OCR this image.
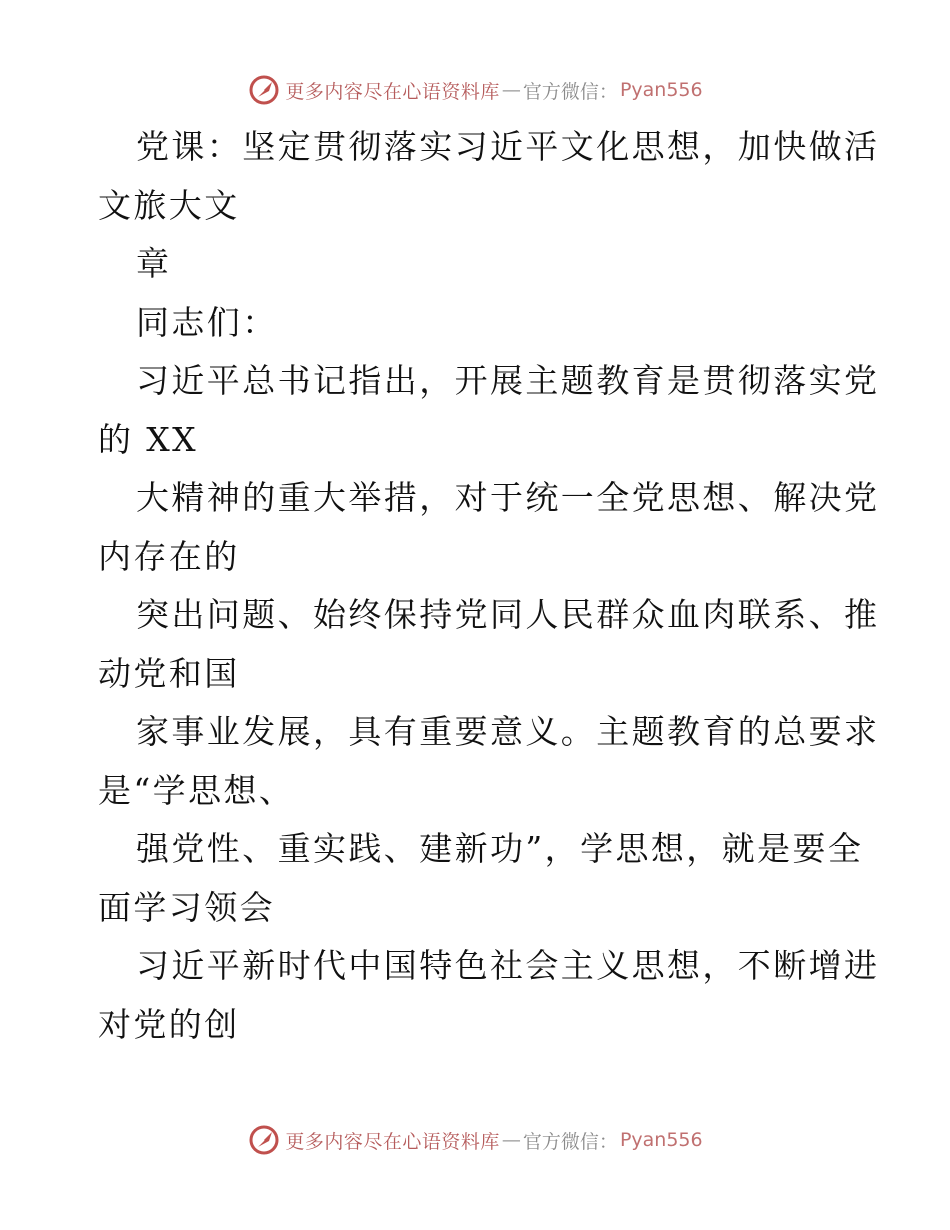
更多内容尽在心语资料库 — 官方微信： Pyan556
党课：坚定贯彻落实习近平文化思想，加快做活
文旅大文
章
同志们：
习近平总书记指出，开展主题教育是贯彻落实党
的 XX
大精神的重大举措，对于统一全党思想、解决党
内存在的
突出问题、始终保持党同人民群众血肉联系、推
动党和国
家事业发展，具有重要意义。主题教育的总要求
是“学思想、
强党性、重实践、建新功”，学思想，就是要全
面学习领会
习近平新时代中国特色社会主义思想，不断增进
对党的创
更多内容尽在心语资料库 — 官方微信： Pyan556
